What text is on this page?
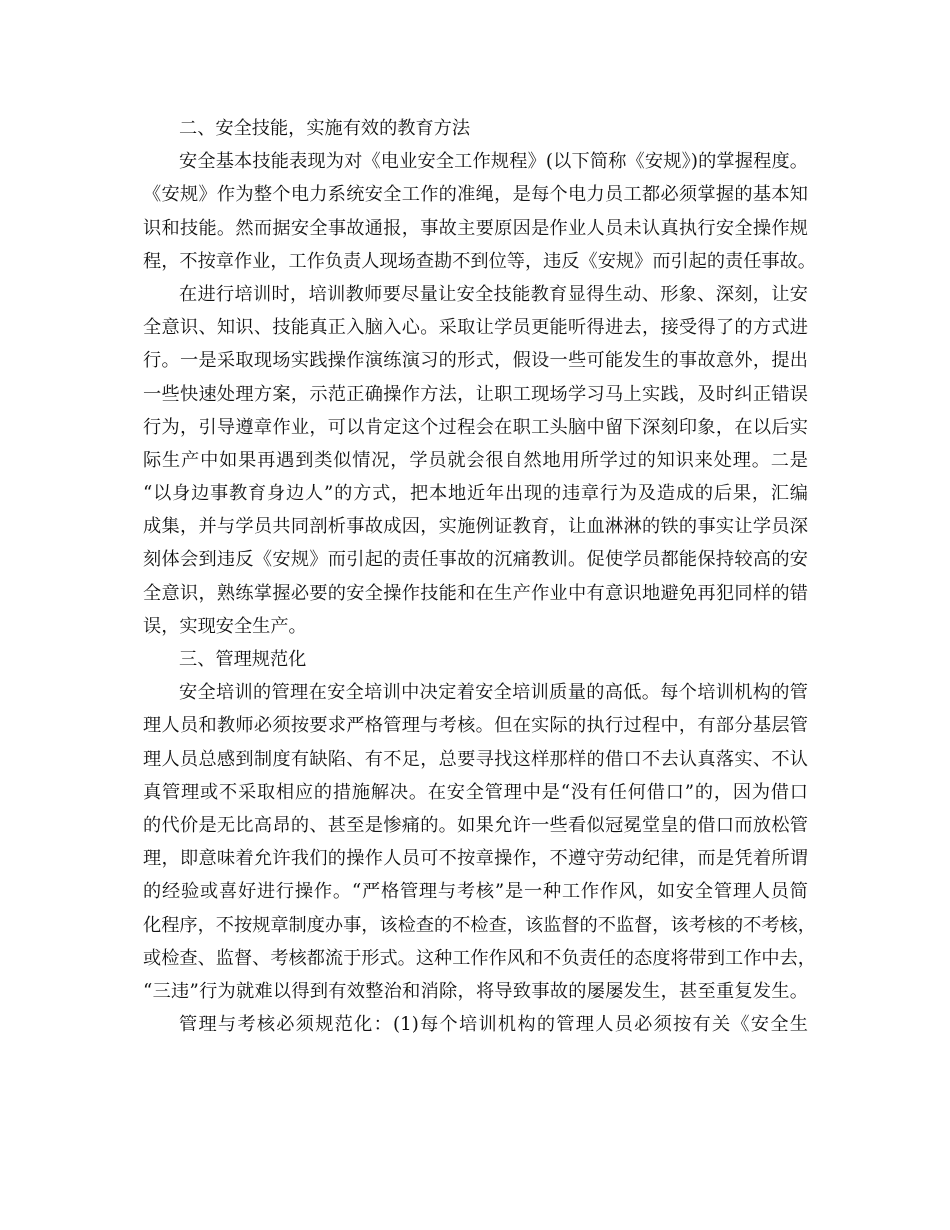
二、安全技能，实施有效的教育方法
安全基本技能表现为对《电业安全工作规程》(以下简称《安规》)的掌握程度。
《安规》作为整个电力系统安全工作的准绳，是每个电力员工都必须掌握的基本知
识和技能。然而据安全事故通报，事故主要原因是作业人员未认真执行安全操作规
程，不按章作业，工作负责人现场查勘不到位等，违反《安规》而引起的责任事故。
在进行培训时，培训教师要尽量让安全技能教育显得生动、形象、深刻，让安
全意识、知识、技能真正入脑入心。采取让学员更能听得进去，接受得了的方式进
行。一是采取现场实践操作演练演习的形式，假设一些可能发生的事故意外，提出
一些快速处理方案，示范正确操作方法，让职工现场学习马上实践，及时纠正错误
行为，引导遵章作业，可以肯定这个过程会在职工头脑中留下深刻印象，在以后实
际生产中如果再遇到类似情况，学员就会很自然地用所学过的知识来处理。二是
“以身边事教育身边人”的方式，把本地近年出现的违章行为及造成的后果，汇编
成集，并与学员共同剖析事故成因，实施例证教育，让血淋淋的铁的事实让学员深
刻体会到违反《安规》而引起的责任事故的沉痛教训。促使学员都能保持较高的安
全意识，熟练掌握必要的安全操作技能和在生产作业中有意识地避免再犯同样的错
误，实现安全生产。
三、管理规范化
安全培训的管理在安全培训中决定着安全培训质量的高低。每个培训机构的管
理人员和教师必须按要求严格管理与考核。但在实际的执行过程中，有部分基层管
理人员总感到制度有缺陷、有不足，总要寻找这样那样的借口不去认真落实、不认
真管理或不采取相应的措施解决。在安全管理中是“没有任何借口”的，因为借口
的代价是无比高昂的、甚至是惨痛的。如果允许一些看似冠冕堂皇的借口而放松管
理，即意味着允许我们的操作人员可不按章操作，不遵守劳动纪律，而是凭着所谓
的经验或喜好进行操作。“严格管理与考核”是一种工作作风，如安全管理人员简
化程序，不按规章制度办事，该检查的不检查，该监督的不监督，该考核的不考核，
或检查、监督、考核都流于形式。这种工作作风和不负责任的态度将带到工作中去，
“三违”行为就难以得到有效整治和消除，将导致事故的屡屡发生，甚至重复发生。
管理与考核必须规范化：(1)每个培训机构的管理人员必须按有关《安全生
